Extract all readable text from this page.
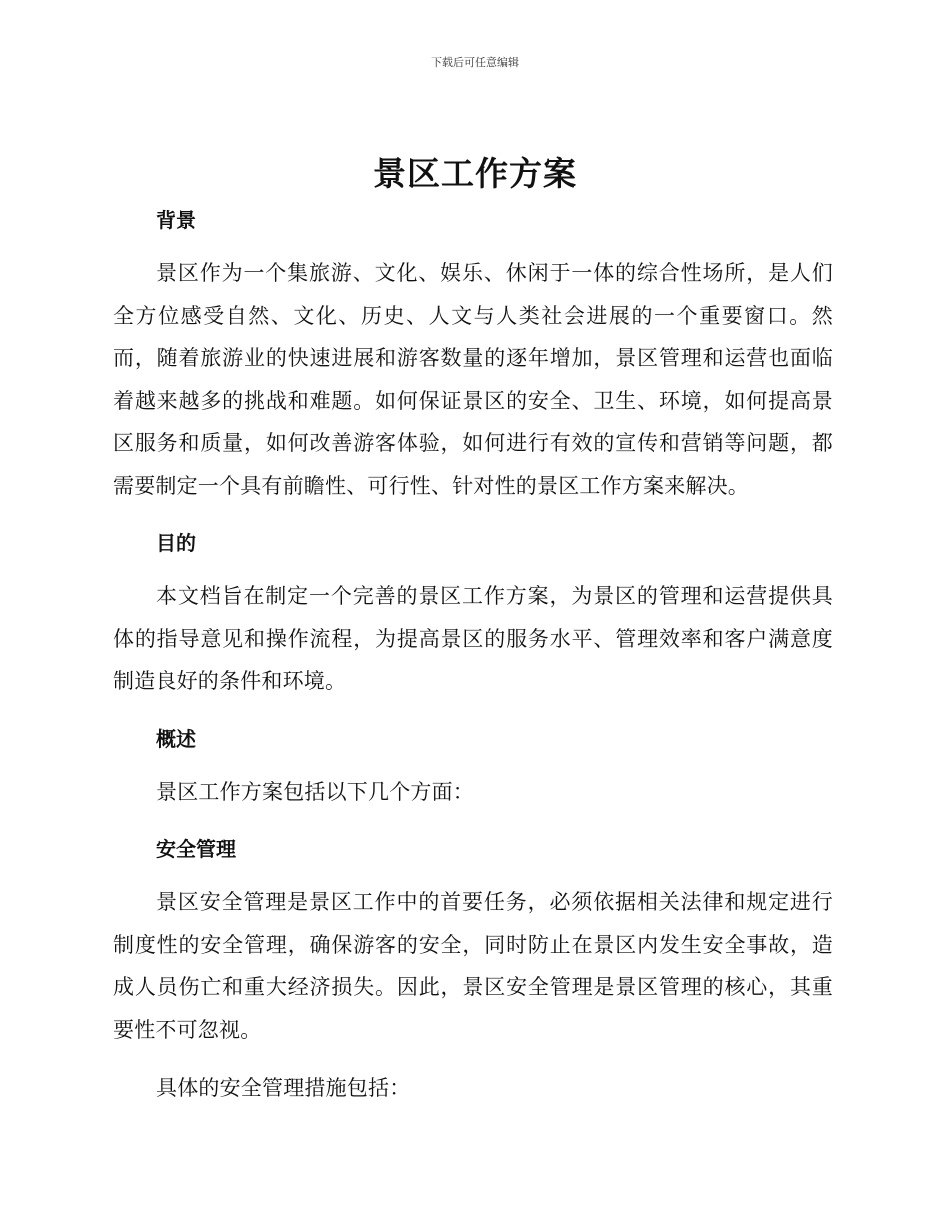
下载后可任意编辑
景区工作方案

背景

景区作为一个集旅游、文化、娱乐、休闲于一体的综合性场所，是人们全方位感受自然、文化、历史、人文与人类社会进展的一个重要窗口。然而，随着旅游业的快速进展和游客数量的逐年增加，景区管理和运营也面临着越来越多的挑战和难题。如何保证景区的安全、卫生、环境，如何提高景区服务和质量，如何改善游客体验，如何进行有效的宣传和营销等问题，都需要制定一个具有前瞻性、可行性、针对性的景区工作方案来解决。

目的

本文档旨在制定一个完善的景区工作方案，为景区的管理和运营提供具体的指导意见和操作流程，为提高景区的服务水平、管理效率和客户满意度制造良好的条件和环境。

概述

景区工作方案包括以下几个方面：

安全管理

景区安全管理是景区工作中的首要任务，必须依据相关法律和规定进行制度性的安全管理，确保游客的安全，同时防止在景区内发生安全事故，造成人员伤亡和重大经济损失。因此，景区安全管理是景区管理的核心，其重要性不可忽视。

具体的安全管理措施包括：
